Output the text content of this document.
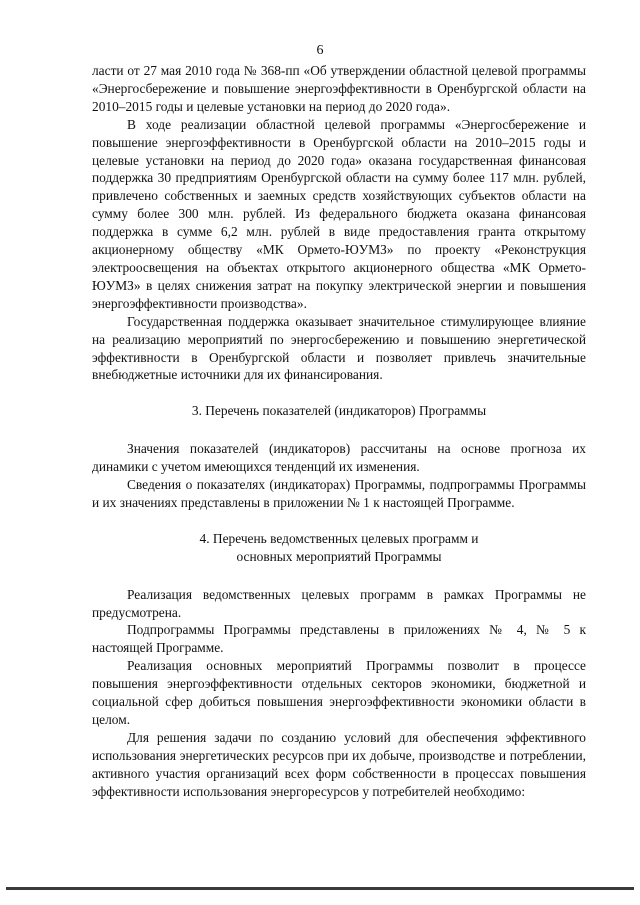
6

ласти от 27 мая 2010 года № 368-пп «Об утверждении областной целевой программы «Энергосбережение и повышение энергоэффективности в Оренбургской области на 2010–2015 годы и целевые установки на период до 2020 года».

В ходе реализации областной целевой программы «Энергосбережение и повышение энергоэффективности в Оренбургской области на 2010–2015 годы и целевые установки на период до 2020 года» оказана государственная финансовая поддержка 30 предприятиям Оренбургской области на сумму более 117 млн. рублей, привлечено собственных и заемных средств хозяйствующих субъектов области на сумму более 300 млн. рублей. Из федерального бюджета оказана финансовая поддержка в сумме 6,2 млн. рублей в виде предоставления гранта открытому акционерному обществу «МК Ормето-ЮУМЗ» по проекту «Реконструкция электроосвещения на объектах открытого акционерного общества «МК Ормето-ЮУМЗ» в целях снижения затрат на покупку электрической энергии и повышения энергоэффективности производства».

Государственная поддержка оказывает значительное стимулирующее влияние на реализацию мероприятий по энергосбережению и повышению энергетической эффективности в Оренбургской области и позволяет привлечь значительные внебюджетные источники для их финансирования.

3. Перечень показателей (индикаторов) Программы

Значения показателей (индикаторов) рассчитаны на основе прогноза их динамики с учетом имеющихся тенденций их изменения.

Сведения о показателях (индикаторах) Программы, подпрограммы Программы и их значениях представлены в приложении № 1 к настоящей Программе.

4. Перечень ведомственных целевых программ и
основных мероприятий Программы

Реализация ведомственных целевых программ в рамках Программы не предусмотрена.

Подпрограммы Программы представлены в приложениях № 4, № 5 к настоящей Программе.

Реализация основных мероприятий Программы позволит в процессе повышения энергоэффективности отдельных секторов экономики, бюджетной и социальной сфер добиться повышения энергоэффективности экономики области в целом.

Для решения задачи по созданию условий для обеспечения эффективного использования энергетических ресурсов при их добыче, производстве и потреблении, активного участия организаций всех форм собственности в процессах повышения эффективности использования энергоресурсов у потребителей необходимо:
